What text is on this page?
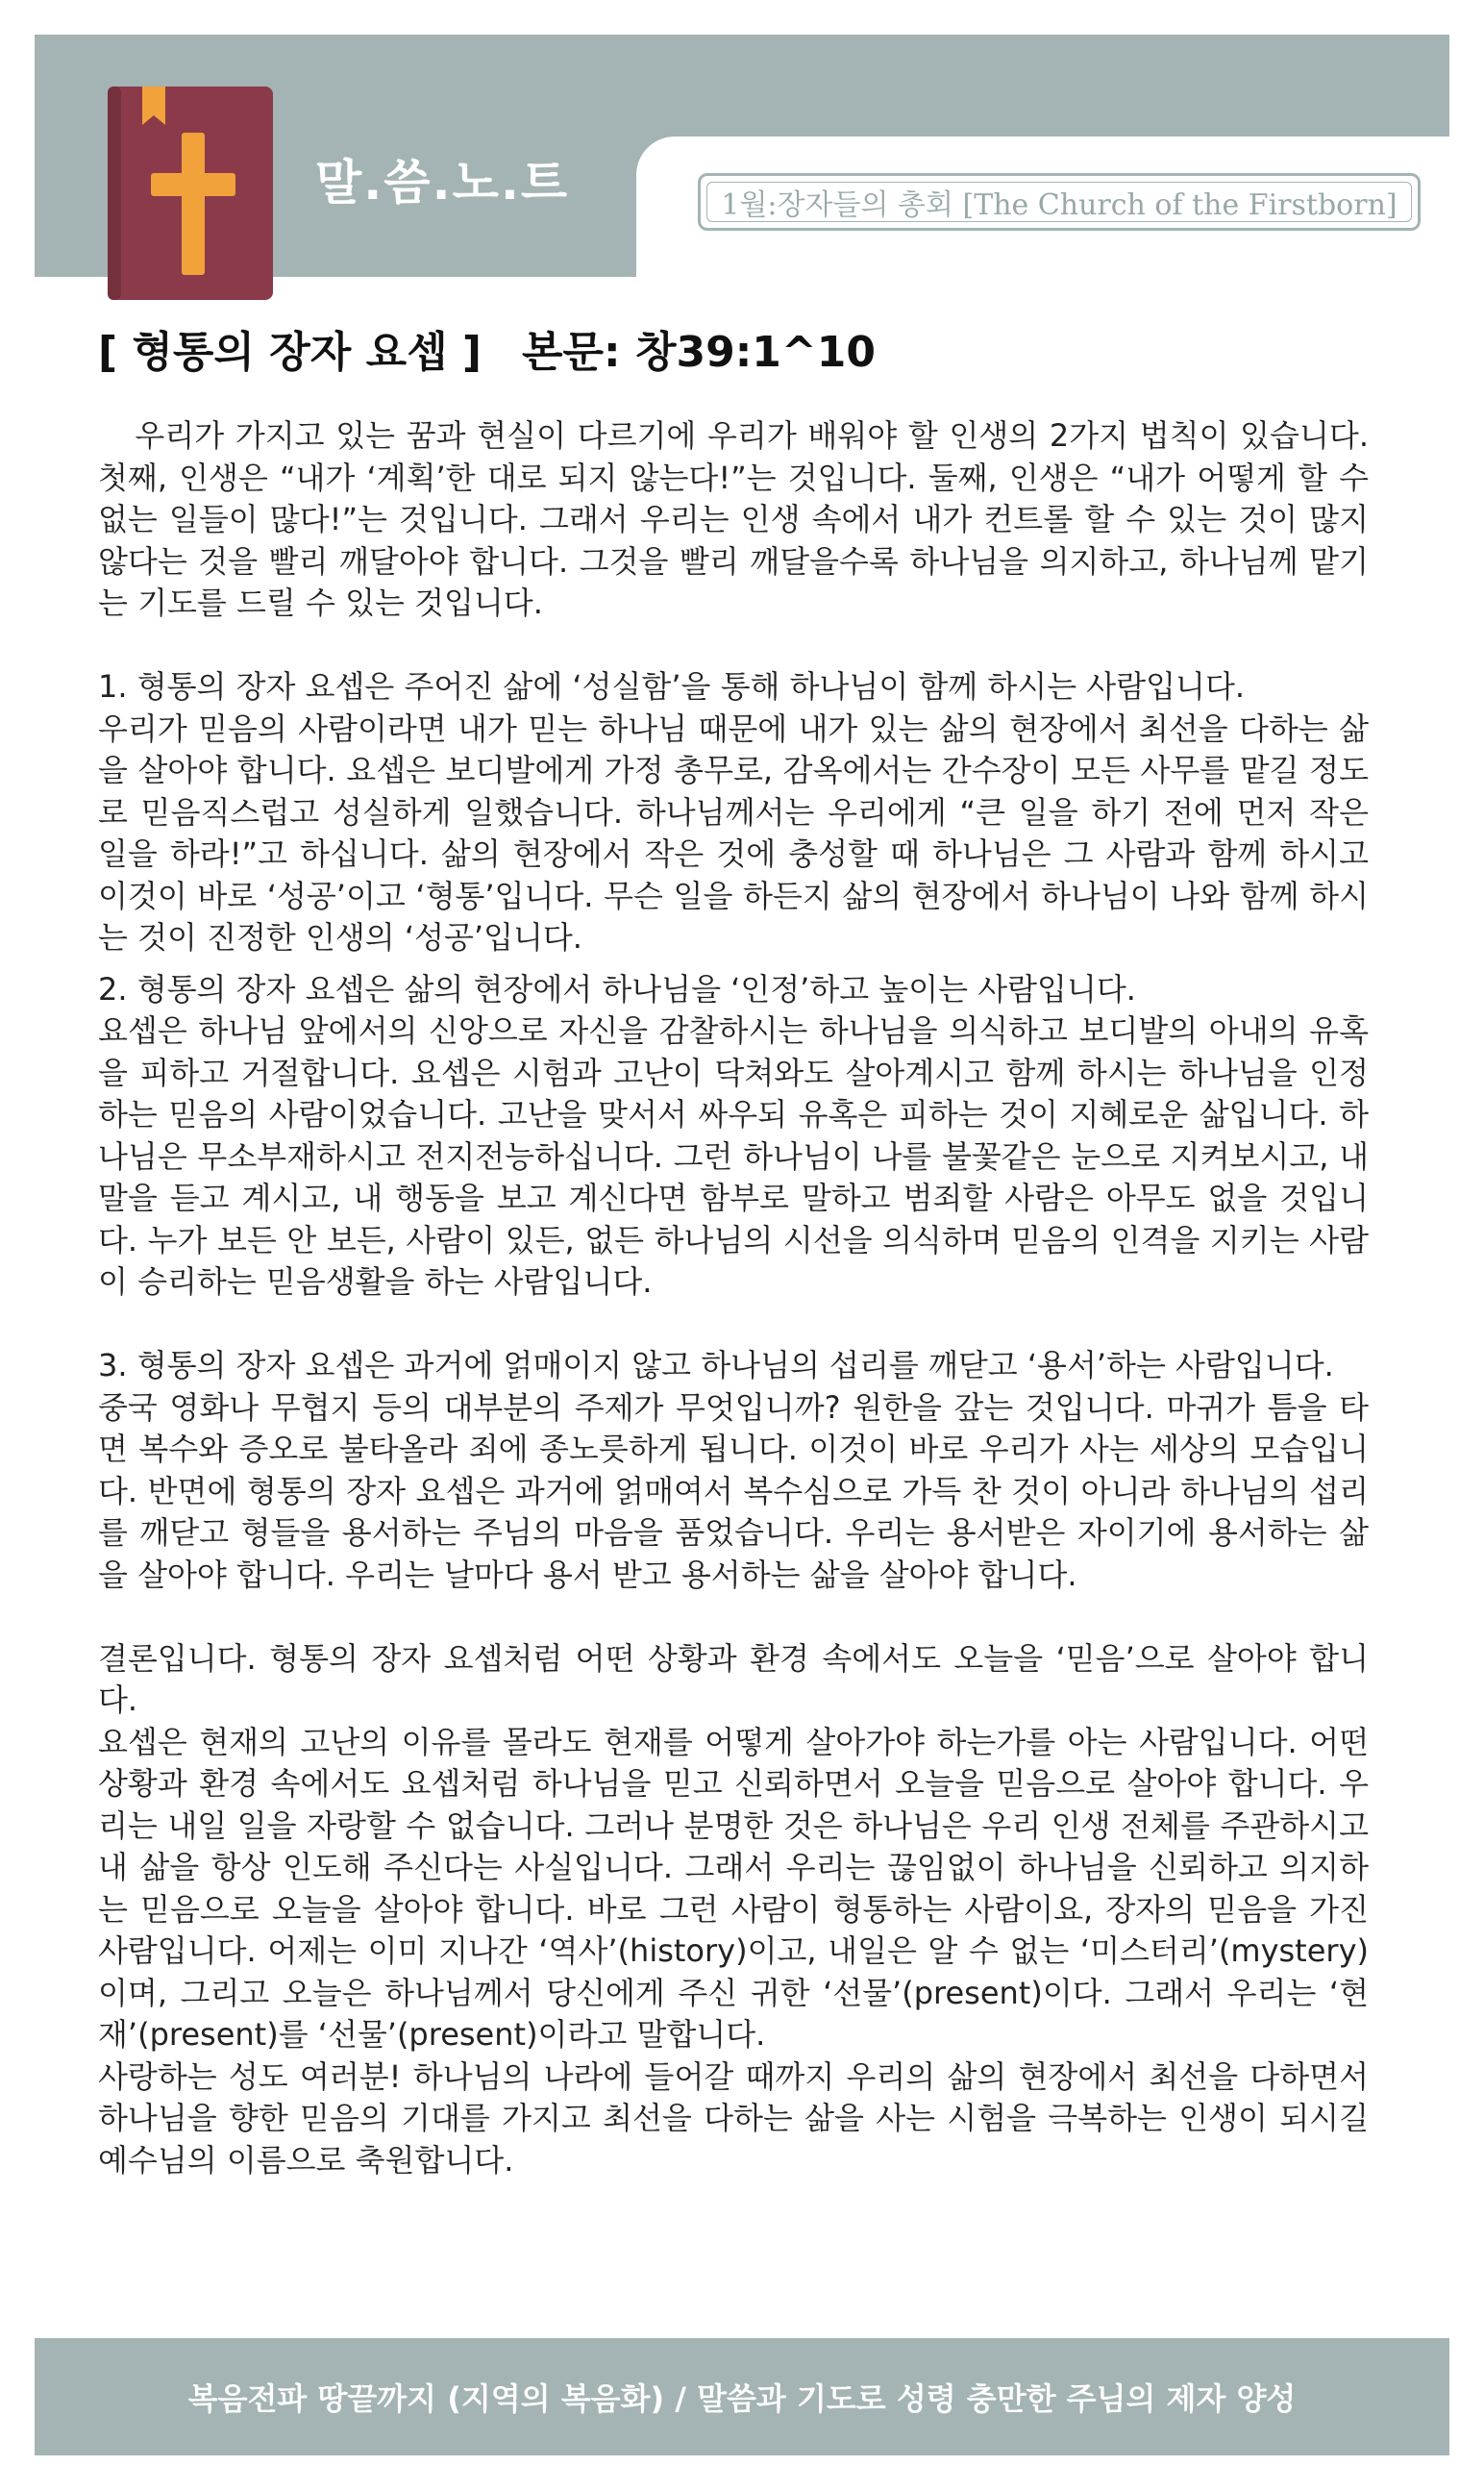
말.씀.노.트	1월:장자들의 총회 [The Church of the Firstborn]
[ 형통의 장자 요셉 ] 본문: 창39:1^10

우리가 가지고 있는 꿈과 현실이 다르기에 우리가 배워야 할 인생의 2가지 법칙이 있습니다. 첫째, 인생은 “내가 ‘계획’한 대로 되지 않는다!”는 것입니다. 둘째, 인생은 “내가 어떻게 할 수 없는 일들이 많다!”는 것입니다. 그래서 우리는 인생 속에서 내가 컨트롤 할 수 있는 것이 많지 않다는 것을 빨리 깨달아야 합니다. 그것을 빨리 깨달을수록 하나님을 의지하고, 하나님께 맡기는 기도를 드릴 수 있는 것입니다.

1. 형통의 장자 요셉은 주어진 삶에 ‘성실함’을 통해 하나님이 함께 하시는 사람입니다.

우리가 믿음의 사람이라면 내가 믿는 하나님 때문에 내가 있는 삶의 현장에서 최선을 다하는 삶을 살아야 합니다. 요셉은 보디발에게 가정 총무로, 감옥에서는 간수장이 모든 사무를 맡길 정도로 믿음직스럽고 성실하게 일했습니다. 하나님께서는 우리에게 “큰 일을 하기 전에 먼저 작은 일을 하라!”고 하십니다. 삶의 현장에서 작은 것에 충성할 때 하나님은 그 사람과 함께 하시고 이것이 바로 ‘성공’이고 ‘형통’입니다. 무슨 일을 하든지 삶의 현장에서 하나님이 나와 함께 하시는 것이 진정한 인생의 ‘성공’입니다.

2. 형통의 장자 요셉은 삶의 현장에서 하나님을 ‘인정’하고 높이는 사람입니다.

요셉은 하나님 앞에서의 신앙으로 자신을 감찰하시는 하나님을 의식하고 보디발의 아내의 유혹을 피하고 거절합니다. 요셉은 시험과 고난이 닥쳐와도 살아계시고 함께 하시는 하나님을 인정하는 믿음의 사람이었습니다. 고난을 맞서서 싸우되 유혹은 피하는 것이 지혜로운 삶입니다. 하나님은 무소부재하시고 전지전능하십니다. 그런 하나님이 나를 불꽃같은 눈으로 지켜보시고, 내 말을 듣고 계시고, 내 행동을 보고 계신다면 함부로 말하고 범죄할 사람은 아무도 없을 것입니다. 누가 보든 안 보든, 사람이 있든, 없든 하나님의 시선을 의식하며 믿음의 인격을 지키는 사람이 승리하는 믿음생활을 하는 사람입니다.

3. 형통의 장자 요셉은 과거에 얽매이지 않고 하나님의 섭리를 깨닫고 ‘용서’하는 사람입니다.

중국 영화나 무협지 등의 대부분의 주제가 무엇입니까? 원한을 갚는 것입니다. 마귀가 틈을 타면 복수와 증오로 불타올라 죄에 종노릇하게 됩니다. 이것이 바로 우리가 사는 세상의 모습입니다. 반면에 형통의 장자 요셉은 과거에 얽매여서 복수심으로 가득 찬 것이 아니라 하나님의 섭리를 깨닫고 형들을 용서하는 주님의 마음을 품었습니다. 우리는 용서받은 자이기에 용서하는 삶을 살아야 합니다. 우리는 날마다 용서 받고 용서하는 삶을 살아야 합니다.

결론입니다. 형통의 장자 요셉처럼 어떤 상황과 환경 속에서도 오늘을 ‘믿음’으로 살아야 합니다.

요셉은 현재의 고난의 이유를 몰라도 현재를 어떻게 살아가야 하는가를 아는 사람입니다. 어떤 상황과 환경 속에서도 요셉처럼 하나님을 믿고 신뢰하면서 오늘을 믿음으로 살아야 합니다. 우리는 내일 일을 자랑할 수 없습니다. 그러나 분명한 것은 하나님은 우리 인생 전체를 주관하시고 내 삶을 항상 인도해 주신다는 사실입니다. 그래서 우리는 끊임없이 하나님을 신뢰하고 의지하는 믿음으로 오늘을 살아야 합니다. 바로 그런 사람이 형통하는 사람이요, 장자의 믿음을 가진 사람입니다. 어제는 이미 지나간 ‘역사’(history)이고, 내일은 알 수 없는 ‘미스터리’(mystery)이며, 그리고 오늘은 하나님께서 당신에게 주신 귀한 ‘선물’(present)이다. 그래서 우리는 ‘현재’(present)를 ‘선물’(present)이라고 말합니다.

사랑하는 성도 여러분! 하나님의 나라에 들어갈 때까지 우리의 삶의 현장에서 최선을 다하면서 하나님을 향한 믿음의 기대를 가지고 최선을 다하는 삶을 사는 시험을 극복하는 인생이 되시길 예수님의 이름으로 축원합니다.

복음전파 땅끝까지 (지역의 복음화) / 말씀과 기도로 성령 충만한 주님의 제자 양성
